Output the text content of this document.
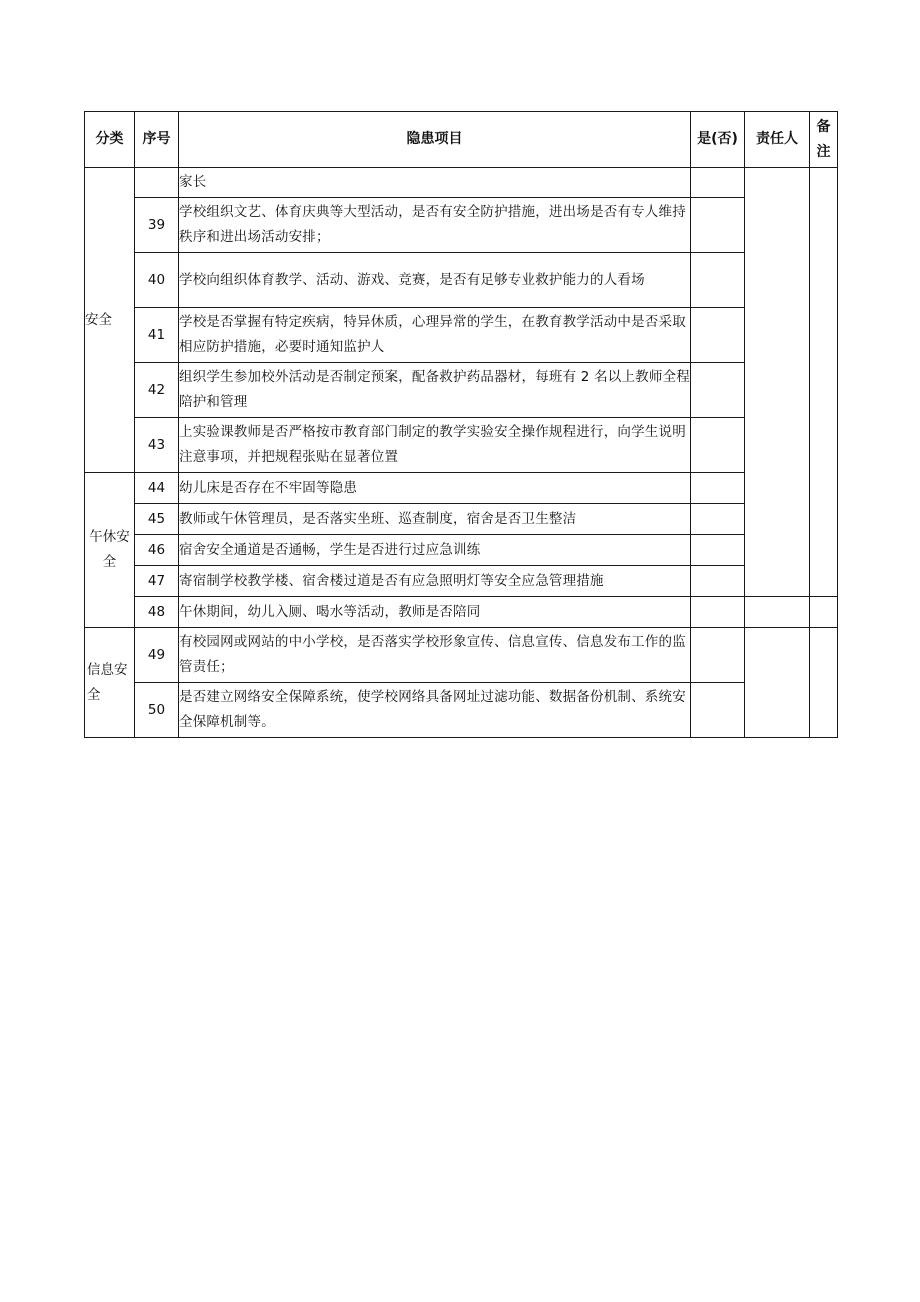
分类	序号	隐患项目	是(否)	责任人	备注
安全		家长			
	39	学校组织文艺、体育庆典等大型活动，是否有安全防护措施，进出场是否有专人维持秩序和进出场活动安排；			
	40	学校向组织体育教学、活动、游戏、竞赛，是否有足够专业救护能力的人看场			
	41	学校是否掌握有特定疾病，特异休质，心理异常的学生，在教育教学活动中是否采取相应防护措施，必要时通知监护人			
	42	组织学生参加校外活动是否制定预案，配备救护药品器材，每班有 2 名以上教师全程陪护和管理			
	43	上实验课教师是否严格按市教育部门制定的教学实验安全操作规程进行，向学生说明注意事项，并把规程张贴在显著位置			
午休安全	44	幼儿床是否存在不牢固等隐患			
	45	教师或午休管理员，是否落实坐班、巡查制度，宿舍是否卫生整洁			
	46	宿舍安全通道是否通畅，学生是否进行过应急训练			
	47	寄宿制学校教学楼、宿舍楼过道是否有应急照明灯等安全应急管理措施			
	48	午休期间，幼儿入厕、喝水等活动，教师是否陪同			
信息安全	49	有校园网或网站的中小学校，是否落实学校形象宣传、信息宣传、信息发布工作的监管责任；			
	50	是否建立网络安全保障系统，使学校网络具备网址过滤功能、数据备份机制、系统安全保障机制等。			
